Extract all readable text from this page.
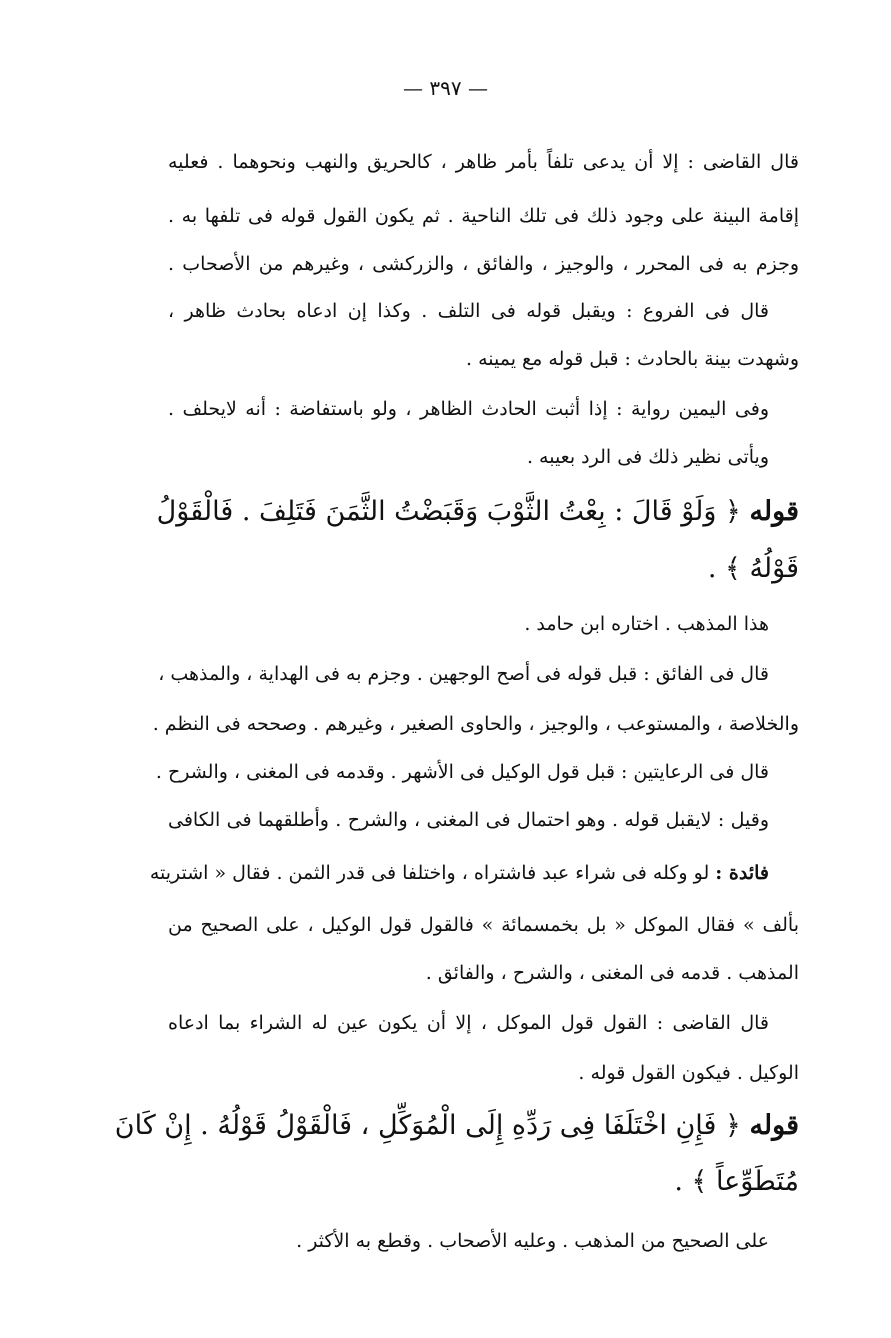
— ٣٩٧ —
قال القاضى : إلا أن يدعى تلفاً بأمر ظاهر ، كالحريق والنهب ونحوهما . فعليه
إقامة البينة على وجود ذلك فى تلك الناحية . ثم يكون القول قوله فى تلفها به .
وجزم به فى المحرر ، والوجيز ، والفائق ، والزركشى ، وغيرهم من الأصحاب .
قال فى الفروع : ويقبل قوله فى التلف . وكذا إن ادعاه بحادث ظاهر ،
وشهدت بينة بالحادث : قبل قوله مع يمينه .
وفى اليمين رواية : إذا أثبت الحادث الظاهر ، ولو باستفاضة : أنه لايحلف .
ويأتى نظير ذلك فى الرد بعيبه .
قوله ﴿ وَلَوْ قَالَ : بِعْتُ الثَّوْبَ وَقَبَضْتُ الثَّمَنَ فَتَلِفَ . فَالْقَوْلُ
قَوْلُهُ ﴾ .
هذا المذهب . اختاره ابن حامد .
قال فى الفائق : قبل قوله فى أصح الوجهين . وجزم به فى الهداية ، والمذهب ،
والخلاصة ، والمستوعب ، والوجيز ، والحاوى الصغير ، وغيرهم . وصححه فى النظم .
قال فى الرعايتين : قبل قول الوكيل فى الأشهر . وقدمه فى المغنى ، والشرح .
وقيل : لايقبل قوله . وهو احتمال فى المغنى ، والشرح . وأطلقهما فى الكافى
فائدة : لو وكله فى شراء عبد فاشتراه ، واختلفا فى قدر الثمن . فقال « اشتريته
بألف » فقال الموكل « بل بخمسمائة » فالقول قول الوكيل ، على الصحيح من
المذهب . قدمه فى المغنى ، والشرح ، والفائق .
قال القاضى : القول قول الموكل ، إلا أن يكون عين له الشراء بما ادعاه
الوكيل . فيكون القول قوله .
قوله ﴿ فَإِنِ اخْتَلَفَا فِى رَدِّهِ إِلَى الْمُوَكِّلِ ، فَالْقَوْلُ قَوْلُهُ . إِنْ كَانَ
مُتَطَوِّعاً ﴾ .
على الصحيح من المذهب . وعليه الأصحاب . وقطع به الأكثر .
